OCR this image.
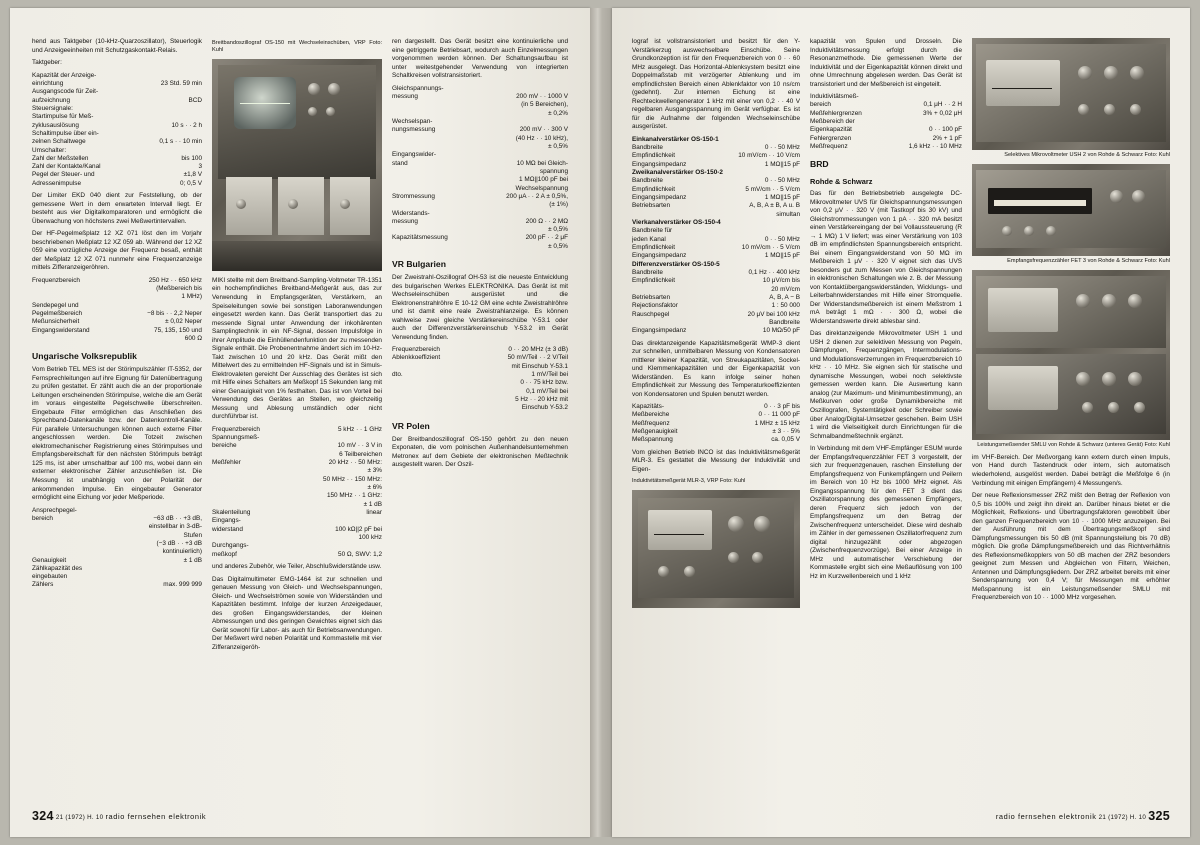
hend aus Taktgeber (10-kHz-Quarzoszillator), Steuerlogik und Anzeigeeinheiten mit Schutzgaskontakt-Relais.

Taktgeber:

Kapazität der Anzeige-
einrichtung	23 Std. 59 min
Ausgangscode für Zeit-
aufzeichnung	BCD
Steuersignale:
Startimpulse für Meß-
zyklusauslösung	10 s · · 2 h
Schaltimpulse über ein-
zelnen Schaltwege	0,1 s · · 10 min
Umschalter:
Zahl der Meßstellen	bis 100
Zahl der Kontakte/Kanal	3
Pegel der Steuer- und	±1,8 V
Adressenimpulse	0; 0,5 V

Der Limiter EKD 040 dient zur Feststellung, ob der gemessene Wert in dem erwarteten Intervall liegt. Er besteht aus vier Digitalkomparatoren und ermöglicht die Überwachung von höchstens zwei Meßwertintervallen.

Der HF-Pegelmeßplatz 12 XZ 071 löst den im Vorjahr beschriebenen Meßplatz 12 XZ 059 ab. Während der 12 XZ 059 eine vorzügliche Anzeige der Frequenz besaß, enthält der Meßplatz 12 XZ 071 nunmehr eine Frequenzanzeige mittels Zifferanzeigeröhren.

Frequenzbereich	250 Hz · · 650 kHz
(Meßbereich bis
1 MHz)
Sendepegel und
Pegelmeßbereich	−8 bis · · 2,2 Neper
Meßunsicherheit	± 0,02 Neper
Eingangswiderstand	75, 135, 150 und
600 Ω
Ungarische Volksrepublik

Vom Betrieb TEL MES ist der Störimpulszähler IT-5352, der Fernsprechleitungen auf ihre Eignung für Datenübertragung zu prüfen gestattet. Er zählt auch die an der proportionale Leitungen erscheinenden Störimpulse, welche die am Gerät im voraus eingestellte Pegelschwelle überschreiten. Eingebaute Filter ermöglichen das Anschließen des Sprechband-Datenkanäle bzw. der Datenkontroll-Kanäle. Für parallele Untersuchungen können auch externe Filter angeschlossen werden. Die Totzeit zwischen elektromechanischer Registrierung eines Störimpulses und Empfangsbereitschaft für den nächsten Störimpuls beträgt 125 ms, ist aber umschaltbar auf 100 ms, wobei dann ein externer elektronischer Zähler anzuschließen ist. Die Messung ist unabhängig von der Polarität der ankommenden Impulse. Ein eingebauter Generator ermöglicht eine Eichung vor jeder Meßperiode.

Ansprechpegel-
bereich	−63 dB · · +3 dB,
einstellbar in 3-dB-
Stufen
(−3 dB · · +3 dB
kontinuierlich)
Genauigkeit	± 1 dB
Zählkapazität des
eingebauten
Zählers	max. 999 999

Breitbandoszillograf OS-150 mit Wechseleinschüben, VRP Foto: Kuhl

MIKI stellte mit dem Breitband-Sampling-Voltmeter TR-1351 ein hochempfindliches Breitband-Meßgerät aus, das zur Verwendung in Empfangsgeräten, Verstärkern, an Speiseleitungen sowie bei sonstigen Laboranwendungen eingesetzt werden kann. Das Gerät transportiert das zu messende Signal unter Anwendung der inkohärenten Samplingtechnik in ein NF-Signal, dessen Impulsfolge in ihrer Amplitude die Einhüllendenfunktion der zu messenden Signale enthält. Die Probenentnahme ändert sich im 10-Hz-Takt zwischen 10 und 20 kHz. Das Gerät mißt den Mittelwert des zu ermittelnden HF-Signals und ist in Simuls-Elektrovaleten gereicht Der Ausschlag des Gerätes ist sich mit Hilfe eines Schalters am Meßkopf 15 Sekunden lang mit einer Genauigkeit von 1% festhalten. Das ist von Vorteil bei Verwendung des Gerätes an Stellen, wo gleichzeitig Messung und Ablesung umständlich oder nicht durchführbar ist.

Frequenzbereich	5 kHz · · 1 GHz
Spannungsmeß-
bereiche	10 mV · · 3 V in
6 Teilbereichen
Meßfehler	20 kHz · · 50 MHz:
± 3%
50 MHz · · 150 MHz:
± 6%
150 MHz · · 1 GHz:
± 1 dB
Skalenteilung	linear
Eingangs-
widerstand	100 kΩ||2 pF bei
100 kHz
Durchgangs-
meßkopf	50 Ω, SWV: 1,2

und anderes Zubehör, wie Teiler, Abschlußwiderstände usw.

Das Digitalmultimeter EMG-1464 ist zur schnellen und genauen Messung von Gleich- und Wechselspannungen, Gleich- und Wechselströmen sowie von Widerständen und Kapazitäten bestimmt. Infolge der kurzen Anzeigedauer, des großen Eingangswiderstandes, der kleinen Abmessungen und des geringen Gewichtes eignet sich das Gerät sowohl für Labor- als auch für Betriebsanwendungen. Der Meßwert wird neben Polarität und Kommastelle mit vier Zifferanzeigeröh-

ren dargestellt. Das Gerät besitzt eine kontinuierliche und eine getriggerte Betriebsart, wodurch auch Einzelmessungen vorgenommen werden können. Der Schaltungsaufbau ist unter weitestgehender Verwendung von integrierten Schaltkreisen vollstransistoriert.

Gleichspannungs-
messung	200 mV · · 1000 V
(in 5 Bereichen),
± 0,2%
Wechselspan-
nungsmessung	200 mV · · 300 V
(40 Hz · · 10 kHz),
± 0,5%
Eingangswider-
stand	10 MΩ bei Gleich-
spannung
1 MΩ||100 pF bei
Wechselspannung
Strommessung	200 μA · · 2 A ± 0,5%,
(± 1%)
Widerstands-
messung	200 Ω · · 2 MΩ
± 0,5%
Kapazitätsmessung	200 pF · · 2 μF
± 0,5%
VR Bulgarien

Der Zweistrahl-Oszillograf OH-53 ist die neueste Entwicklung des bulgarischen Werkes ELEKTRONIKA. Das Gerät ist mit Wechseleinschüben ausgerüstet und die Elektronenstrahlröhre E 10-12 GM eine echte Zweistrahlröhre und ist damit eine reale Zweistrahlanzeige. Es können wahlweise zwei gleiche Verstärkereinschübe Y-53.1 oder auch der Differenzverstärkereinschub Y-53.2 im Gerät Verwendung finden.

Frequenzbereich	0 · · 20 MHz (± 3 dB)
Ablenkkoeffizient	50 mV/Teil · · 2 V/Teil
mit Einschub Y-53.1
dto.	1 mV/Teil bei
0 · · 75 kHz bzw.
0,1 mV/Teil bei
5 Hz · · 20 kHz mit
Einschub Y-53.2
VR Polen

Der Breitbandoszillograf OS-150 gehört zu den neuen Exponaten, die vom polnischen Außenhandelsunternehmen Metronex auf dem Gebiete der elektronischen Meßtechnik ausgestellt waren. Der Oszil-

324 21 (1972) H. 10 radio fernsehen elektronik

lograf ist vollstransistoriert und besitzt für den Y-Verstärkerzug auswechselbare Einschübe. Seine Grundkonzeption ist für den Frequenzbereich von 0 · · 60 MHz ausgelegt. Das Horizontal-Ablenksystem besitzt eine Doppelmaßstab mit verzögerter Ablenkung und im empfindlichsten Bereich einen Ablenkfaktor von 10 ns/cm (gedehnt). Zur internen Eichung ist eine Rechteckwellengenerator 1 kHz mit einer von 0,2 · · 40 V regelbaren Ausgangsspannung im Gerät verfügbar. Es ist für die Aufnahme der folgenden Wechseleinschübe ausgerüstet.

Einkanalverstärker OS-150-1
Bandbreite	0 · · 50 MHz
Empfindlichkeit	10 mV/cm · · 10 V/cm
Eingangsimpedanz	1 MΩ||15 pF
Zweikanalverstärker OS-150-2
Bandbreite	0 · · 50 MHz
Empfindlichkeit	5 mV/cm · · 5 V/cm
Eingangsimpedanz	1 MΩ||15 pF
Betriebsarten	A, B, A ± B, A u. B
simultan
Vierkanalverstärker OS-150-4
Bandbreite für
jeden Kanal	0 · · 50 MHz
Empfindlichkeit	10 mV/cm · · 5 V/cm
Eingangsimpedanz	1 MΩ||15 pF
Differenzverstärker OS-150-5
Bandbreite	0,1 Hz · · 400 kHz
Empfindlichkeit	10 μV/cm bis
20 mV/cm
Betriebsarten	A, B, A − B
Rejectionsfaktor	1 : 50 000
Rauschpegel	20 μV bei 100 kHz
Bandbreite
Eingangsimpedanz	10 MΩ/50 pF

Das direktanzeigende Kapazitätsmeßgerät WMP-3 dient zur schnellen, unmittelbaren Messung von Kondensatoren mittlerer kleiner Kapazität, von Streukapazitäten, Sockel- und Klemmenkapazitäten und der Eigenkapazität von Widerständen. Es kann infolge seiner hohen Empfindlichkeit zur Messung des Temperaturkoeffizienten von Kondensatoren und Spulen benutzt werden.

Kapazitäts-	0 · · 3 pF bis
Meßbereiche	0 · · 11 000 pF
Meßfrequenz	1 MHz ± 15 kHz
Meßgenauigkeit	± 3 · · 5%
Meßspannung	ca. 0,05 V

Vom gleichen Betrieb INCO ist das Induktivitätsmeßgerät MLR-3. Es gestattet die Messung der Induktivität und Eigen-

Induktivitätsmeßgerät MLR-3, VRP Foto: Kuhl

kapazität von Spulen und Drosseln. Die Induktivitätsmessung erfolgt durch die Resonanzmethode. Die gemessenen Werte der Induktivität und der Eigenkapazität können direkt und ohne Umrechnung abgelesen werden. Das Gerät ist transistoriert und der Meßbereich ist eingeteilt.

Induktivitätsmeß-
bereich	0,1 μH · · 2 H
Meßfehlergrenzen	3% + 0,02 μH
Meßbereich der
Eigenkapazität	0 · · 100 pF
Fehlergrenzen	2% + 1 pF
Meßfrequenz	1,6 kHz · · 10 MHz
BRD
Rohde & Schwarz

Das für den Betriebsbetrieb ausgelegte DC-Mikrovoltmeter UVS für Gleichspannungsmessungen von 0,2 μV · · 320 V (mit Tastkopf bis 30 kV) und Gleichstrommessungen von 1 pA · · 320 mA besitzt einen Verstärkereingang der bei Vollaussteuerung (R → 1 MΩ) 1 V liefert; was einer Verstärkung von 103 dB im empfindlichsten Spannungsbereich entspricht. Bei einem Eingangswiderstand von 50 MΩ im Meßbereich 1 μV · · 320 V eignet sich das UVS besonders gut zum Messen von Gleichspannungen in elektronischen Schaltungen wie z. B. der Messung von Kontaktübergangswiderständen, Wicklungs- und Leiterbahnwiderstandes mit Hilfe einer Stromquelle. Der Widerstandsmeßbereich ist einem Meßstrom 1 mA beträgt 1 mΩ · · 300 Ω, wobei die Widerstandswerte direkt ablesbar sind.

Das direktanzeigende Mikrovoltmeter USH 1 und USH 2 dienen zur selektiven Messung von Pegeln, Dämpfungen, Frequenzgängen, Intermodulations- und Modulationsverzerrungen im Frequenzbereich 10 kHz · · 10 MHz. Sie eignen sich für statische und dynamische Messungen, wobei noch selektivste gemessen werden kann. Die Auswertung kann analog (zur Maximum- und Minimumbestimmung), an Meßkurven oder große Dynamikbereiche mit Oszillografen, Systemtätigkeit oder Schreiber sowie über Analog/Digital-Umsetzer geschehen. Beim USH 1 wird die Vielseitigkeit durch Einrichtungen für die Schmalbandmeßtechnik ergänzt.

In Verbindung mit dem VHF-Empfänger ESUM wurde der Empfangsfrequenzzähler FET 3 vorgestellt, der sich zur frequenzgenauen, raschen Einstellung der Empfangsfrequenz von Funkempfängern und Peilern im Bereich von 10 Hz bis 1000 MHz eignet. Als Eingangsspannung für den FET 3 dient das Oszillatorspannung des gemessenen Empfängers, deren Frequenz sich jedoch von der Empfangsfrequenz um den Betrag der Zwischenfrequenz unterscheidet. Diese wird deshalb im Zähler in der gemessenen Oszillatorfrequenz zum digital hinzugezählt oder abgezogen (Zwischenfrequenzvorzüge). Bei einer Anzeige in MHz und automatischer Verschiebung der Kommastelle ergibt sich eine Meßauflösung von 100 Hz im Kurzwellenbereich und 1 kHz

Selektives Mikrovoltmeter USH 2 von Rohde & Schwarz Foto: Kuhl

Empfangsfrequenzzähler FET 3 von Rohde & Schwarz Foto: Kuhl

Leistungsmeßsender SMLU von Rohde & Schwarz (unteres Gerät) Foto: Kuhl

im VHF-Bereich. Der Meßvorgang kann extern durch einen Impuls, von Hand durch Tastendruck oder intern, sich automatisch wiederholend, ausgelöst werden. Dabei beträgt die Meßfolge 6 (in Verbindung mit einigen Empfängern) 4 Messungen/s.

Der neue Reflexionsmesser ZRZ mißt den Betrag der Reflexion von 0,5 bis 100% und zeigt ihn direkt an. Darüber hinaus bietet er die Möglichkeit, Reflexions- und Übertragungsfaktoren gewobbelt über den ganzen Frequenzbereich von 10 · · 1000 MHz anzuzeigen. Bei der Ausführung mit dem Übertragungsmeßkopf sind Dämpfungsmessungen bis 50 dB (mit Spannungsteilung bis 70 dB) möglich. Die große Dämpfungsmeßbereich und das Richtverhältnis des Reflexionsmeßkopplers von 50 dB machen der ZRZ besonders geeignet zum Messen und Abgleichen von Filtern, Weichen, Antennen und Dämpfungsgliedern. Der ZRZ arbeitet bereits mit einer Senderspannung von 0,4 V; für Messungen mit erhöhter Meßspannung ist ein Leistungsmeßsender SMLU mit Frequenzbereich von 10 · · 1000 MHz vorgesehen.

radio fernsehen elektronik 21 (1972) H. 10 325
